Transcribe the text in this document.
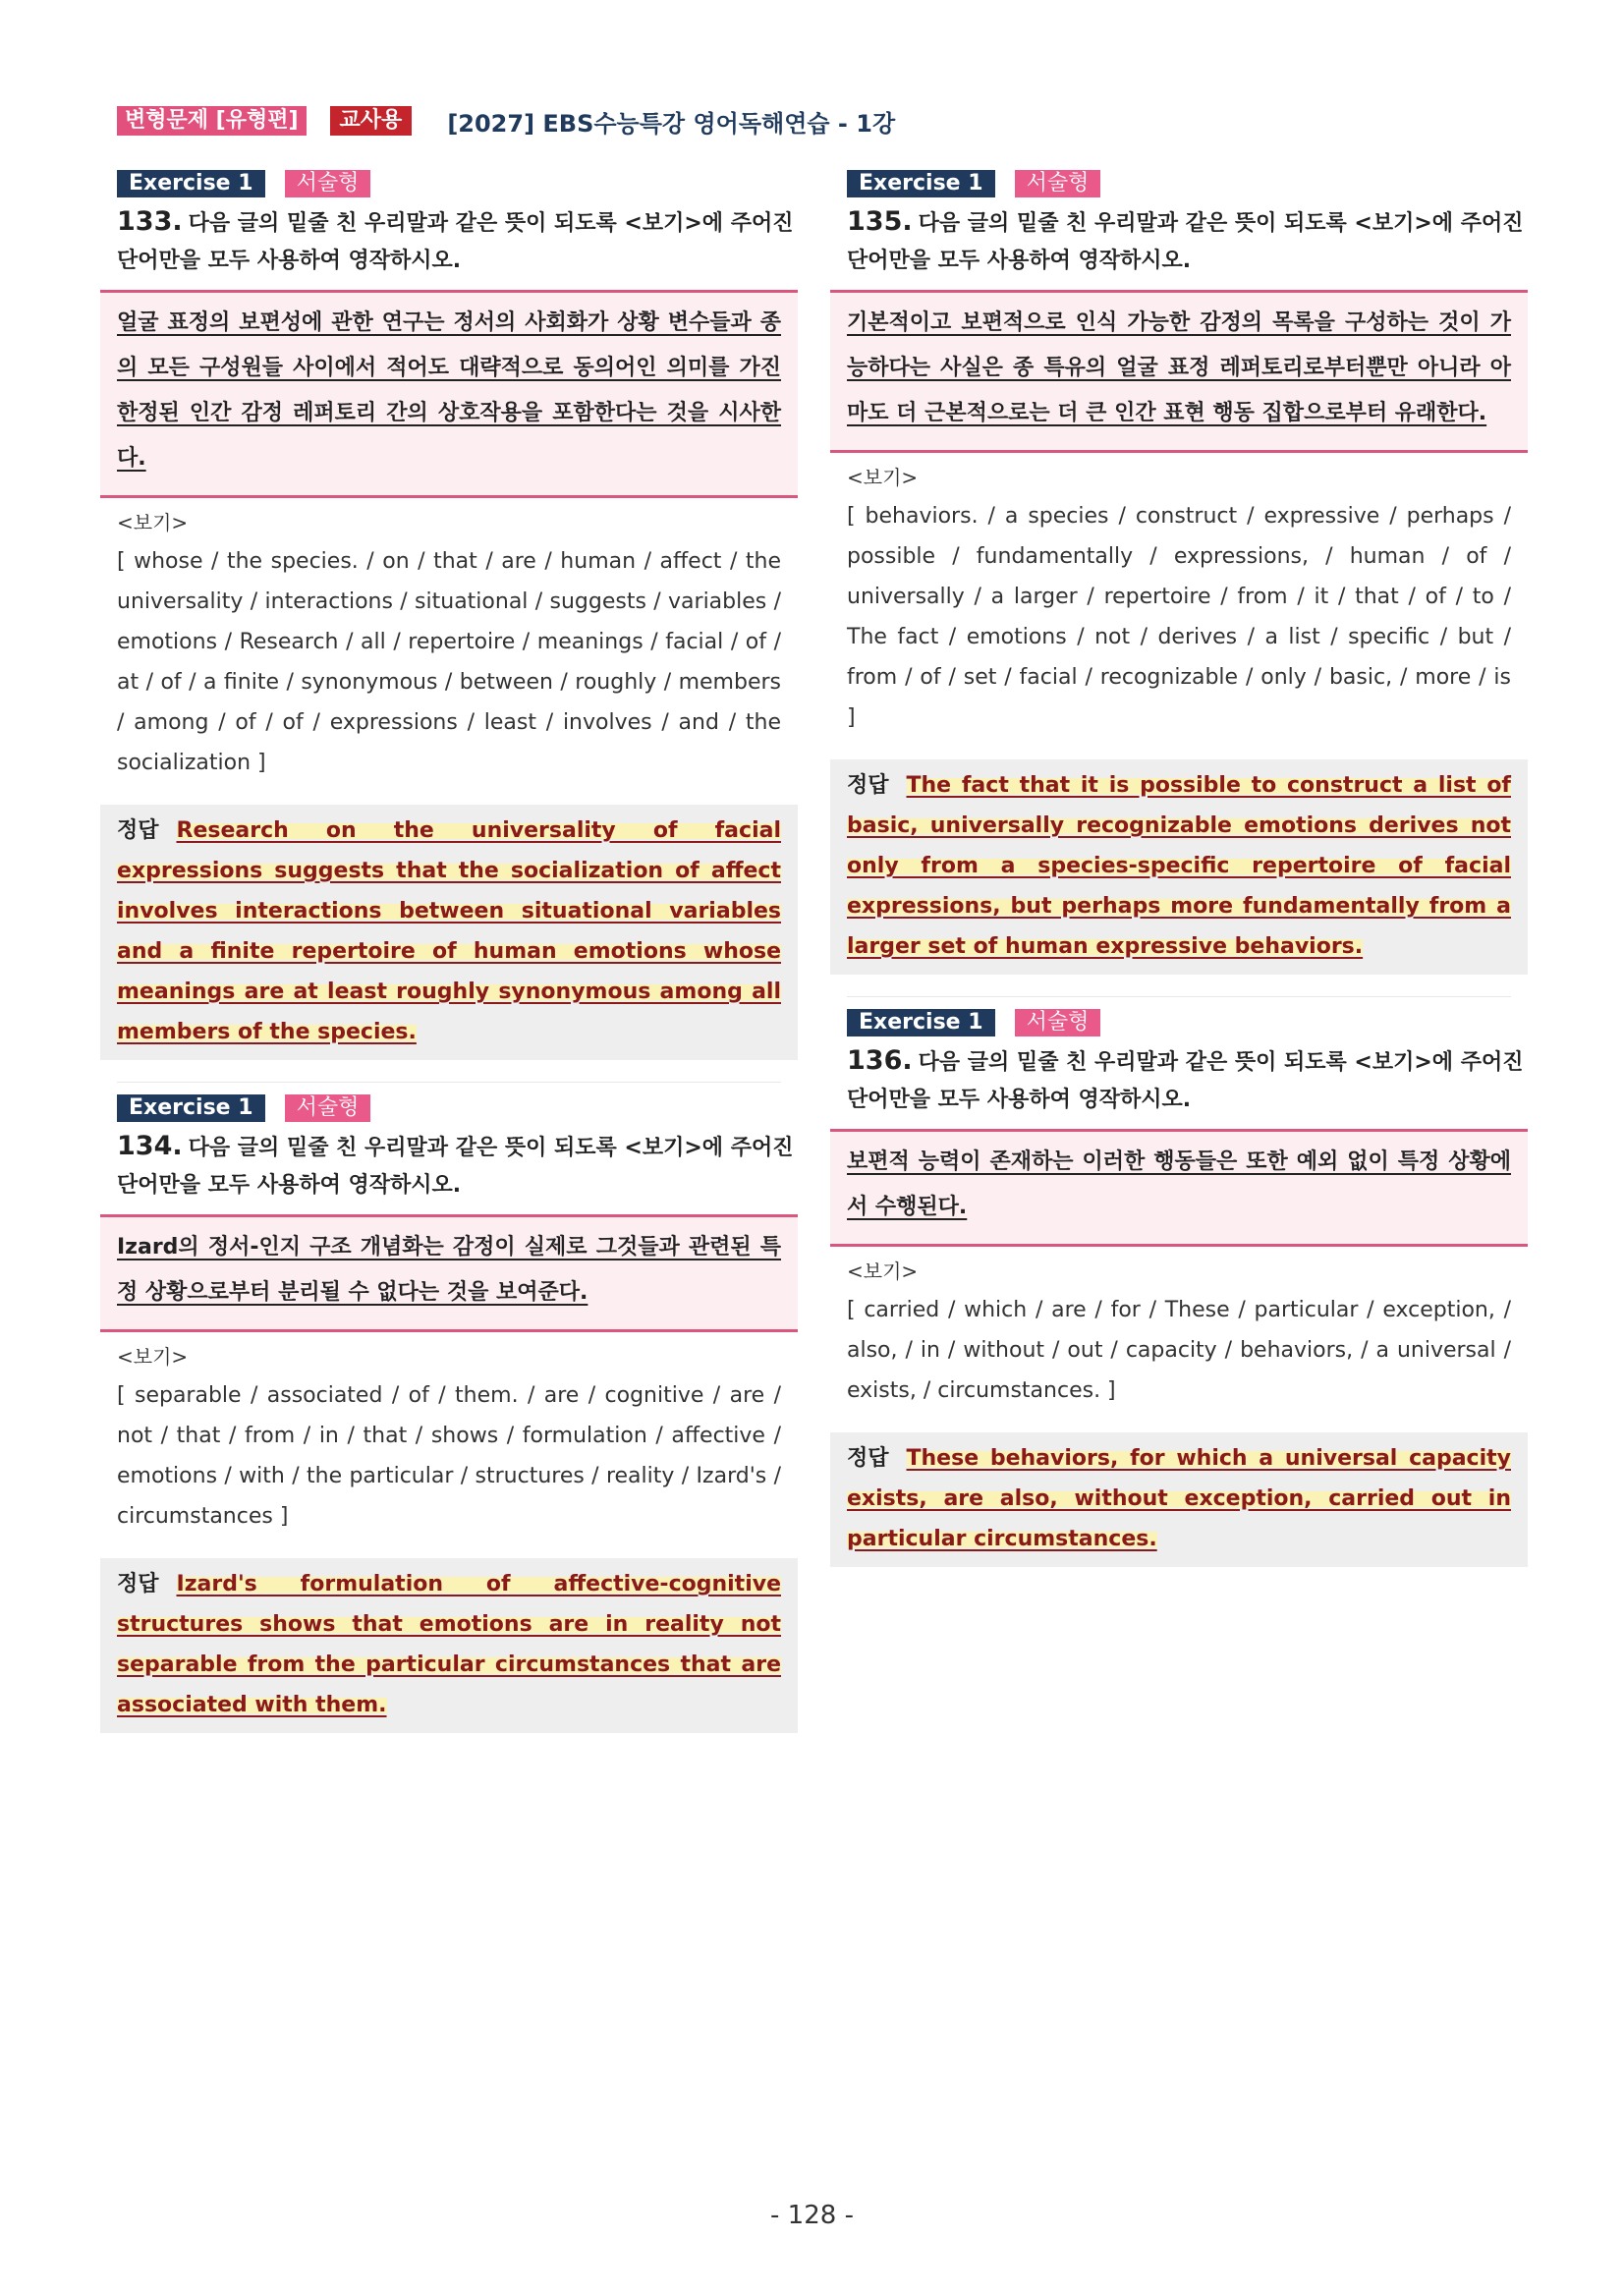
변형문제 [유형편]	교사용	[2027] EBS수능특강 영어독해연습 - 1강
Exercise 1	서술형
133. 다음 글의 밑줄 친 우리말과 같은 뜻이 되도록 <보기>에 주어진 단어만을 모두 사용하여 영작하시오.
얼굴 표정의 보편성에 관한 연구는 정서의 사회화가 상황 변수들과 종의 모든 구성원들 사이에서 적어도 대략적으로 동의어인 의미를 가진 한정된 인간 감정 레퍼토리 간의 상호작용을 포함한다는 것을 시사한다.
<보기>
[ whose / the species. / on / that / are / human / affect / the universality / interactions / situational / suggests / variables / emotions / Research / all / repertoire / meanings / facial / of / at / of / a finite / synonymous / between / roughly / members / among / of / of / expressions / least / involves / and / the socialization ]
정답 Research on the universality of facial expressions suggests that the socialization of affect involves interactions between situational variables and a finite repertoire of human emotions whose meanings are at least roughly synonymous among all members of the species.
Exercise 1	서술형
134. 다음 글의 밑줄 친 우리말과 같은 뜻이 되도록 <보기>에 주어진 단어만을 모두 사용하여 영작하시오.
Izard의 정서-인지 구조 개념화는 감정이 실제로 그것들과 관련된 특정 상황으로부터 분리될 수 없다는 것을 보여준다.
<보기>
[ separable / associated / of / them. / are / cognitive / are / not / that / from / in / that / shows / formulation / affective / emotions / with / the particular / structures / reality / Izard's / circumstances ]
정답 Izard's formulation of affective-cognitive structures shows that emotions are in reality not separable from the particular circumstances that are associated with them.
Exercise 1	서술형
135. 다음 글의 밑줄 친 우리말과 같은 뜻이 되도록 <보기>에 주어진 단어만을 모두 사용하여 영작하시오.
기본적이고 보편적으로 인식 가능한 감정의 목록을 구성하는 것이 가능하다는 사실은 종 특유의 얼굴 표정 레퍼토리로부터뿐만 아니라 아마도 더 근본적으로는 더 큰 인간 표현 행동 집합으로부터 유래한다.
<보기>
[ behaviors. / a species / construct / expressive / perhaps / possible / fundamentally / expressions, / human / of / universally / a larger / repertoire / from / it / that / of / to / The fact / emotions / not / derives / a list / specific / but / from / of / set / facial / recognizable / only / basic, / more / is ]
정답 The fact that it is possible to construct a list of basic, universally recognizable emotions derives not only from a species-specific repertoire of facial expressions, but perhaps more fundamentally from a larger set of human expressive behaviors.
Exercise 1	서술형
136. 다음 글의 밑줄 친 우리말과 같은 뜻이 되도록 <보기>에 주어진 단어만을 모두 사용하여 영작하시오.
보편적 능력이 존재하는 이러한 행동들은 또한 예외 없이 특정 상황에서 수행된다.
<보기>
[ carried / which / are / for / These / particular / exception, / also, / in / without / out / capacity / behaviors, / a universal / exists, / circumstances. ]
정답 These behaviors, for which a universal capacity exists, are also, without exception, carried out in particular circumstances.
- 128 -
